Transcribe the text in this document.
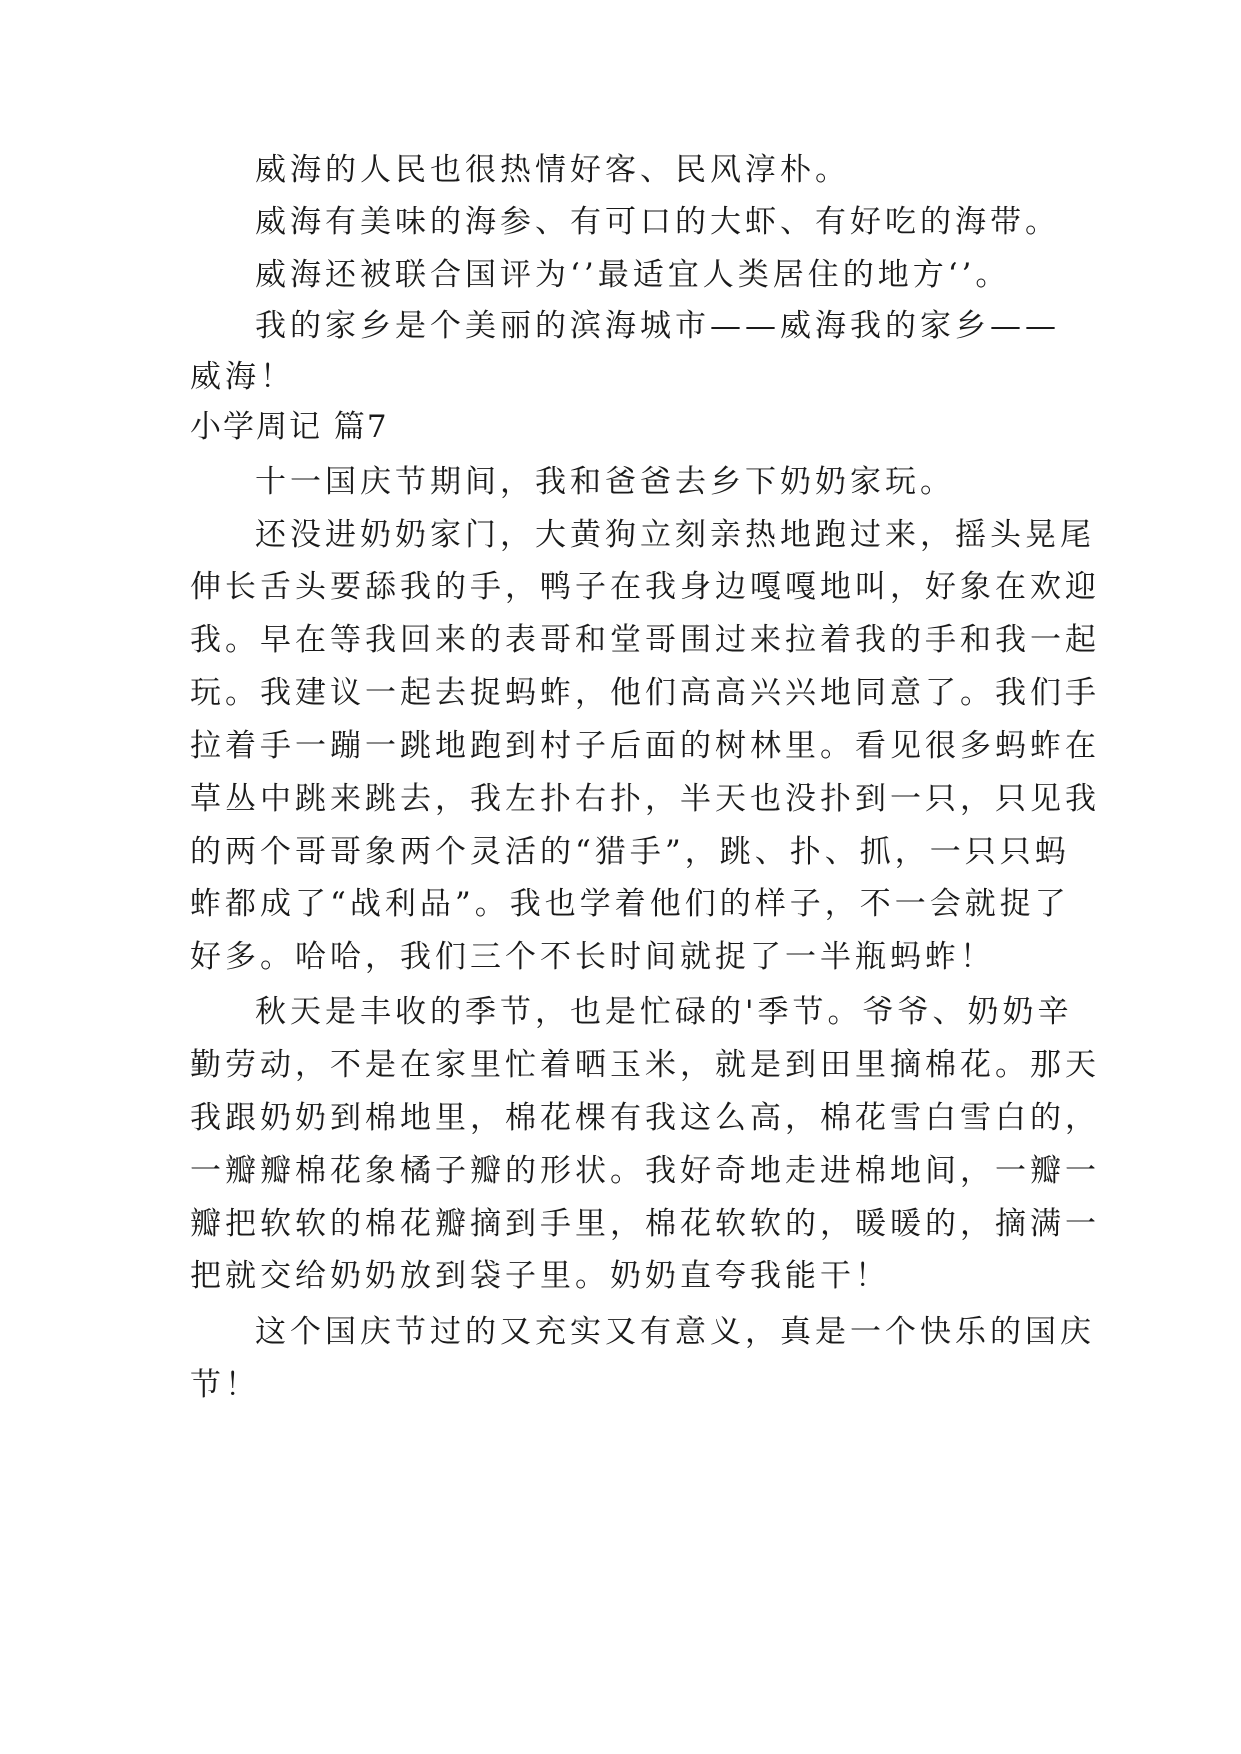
威海的人民也很热情好客、民风淳朴。
威海有美味的海参、有可口的大虾、有好吃的海带。
威海还被联合国评为‘’最适宜人类居住的地方‘’。
我的家乡是个美丽的滨海城市——威海我的家乡——
威海！
小学周记 篇7
十一国庆节期间，我和爸爸去乡下奶奶家玩。
还没进奶奶家门，大黄狗立刻亲热地跑过来，摇头晃尾
伸长舌头要舔我的手，鸭子在我身边嘎嘎地叫，好象在欢迎
我。早在等我回来的表哥和堂哥围过来拉着我的手和我一起
玩。我建议一起去捉蚂蚱，他们高高兴兴地同意了。我们手
拉着手一蹦一跳地跑到村子后面的树林里。看见很多蚂蚱在
草丛中跳来跳去，我左扑右扑，半天也没扑到一只，只见我
的两个哥哥象两个灵活的“猎手”，跳、扑、抓，一只只蚂
蚱都成了“战利品”。我也学着他们的样子，不一会就捉了
好多。哈哈，我们三个不长时间就捉了一半瓶蚂蚱！
秋天是丰收的季节，也是忙碌的'季节。爷爷、奶奶辛
勤劳动，不是在家里忙着晒玉米，就是到田里摘棉花。那天
我跟奶奶到棉地里，棉花棵有我这么高，棉花雪白雪白的，
一瓣瓣棉花象橘子瓣的形状。我好奇地走进棉地间，一瓣一
瓣把软软的棉花瓣摘到手里，棉花软软的，暖暖的，摘满一
把就交给奶奶放到袋子里。奶奶直夸我能干！
这个国庆节过的又充实又有意义，真是一个快乐的国庆
节！
